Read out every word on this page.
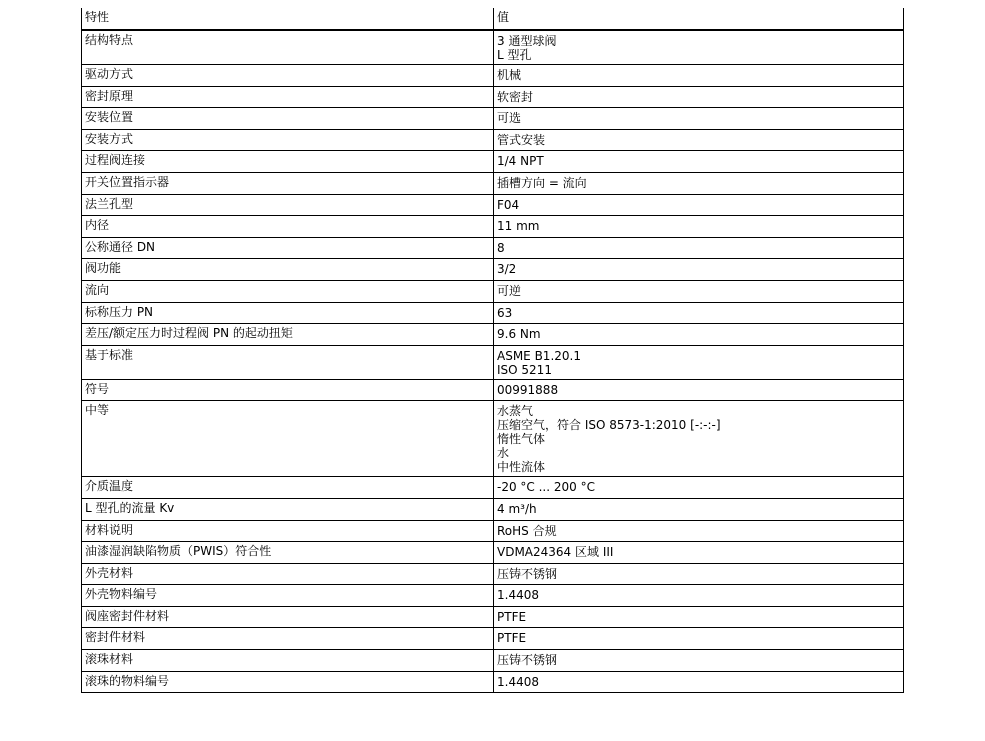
特性	值
结构特点	3 通型球阀
L 型孔

驱动方式	机械

密封原理	软密封

安装位置	可选

安装方式	管式安装

过程阀连接	1/4 NPT

开关位置指示器	插槽方向 = 流向

法兰孔型	F04

内径	11 mm

公称通径 DN	8

阀功能	3/2

流向	可逆

标称压力 PN	63

差压/额定压力时过程阀 PN 的起动扭矩	9.6 Nm

基于标准	ASME B1.20.1
ISO 5211

符号	00991888

中等	水蒸气
压缩空气，符合 ISO 8573-1:2010 [-:-:-]
惰性气体
水
中性流体

介质温度	-20 °C ... 200 °C

L 型孔的流量 Kv	4 m³/h

材料说明	RoHS 合规

油漆湿润缺陷物质（PWIS）符合性	VDMA24364 区域 III

外壳材料	压铸不锈钢

外壳物料编号	1.4408

阀座密封件材料	PTFE

密封件材料	PTFE

滚珠材料	压铸不锈钢

滚珠的物料编号	1.4408
